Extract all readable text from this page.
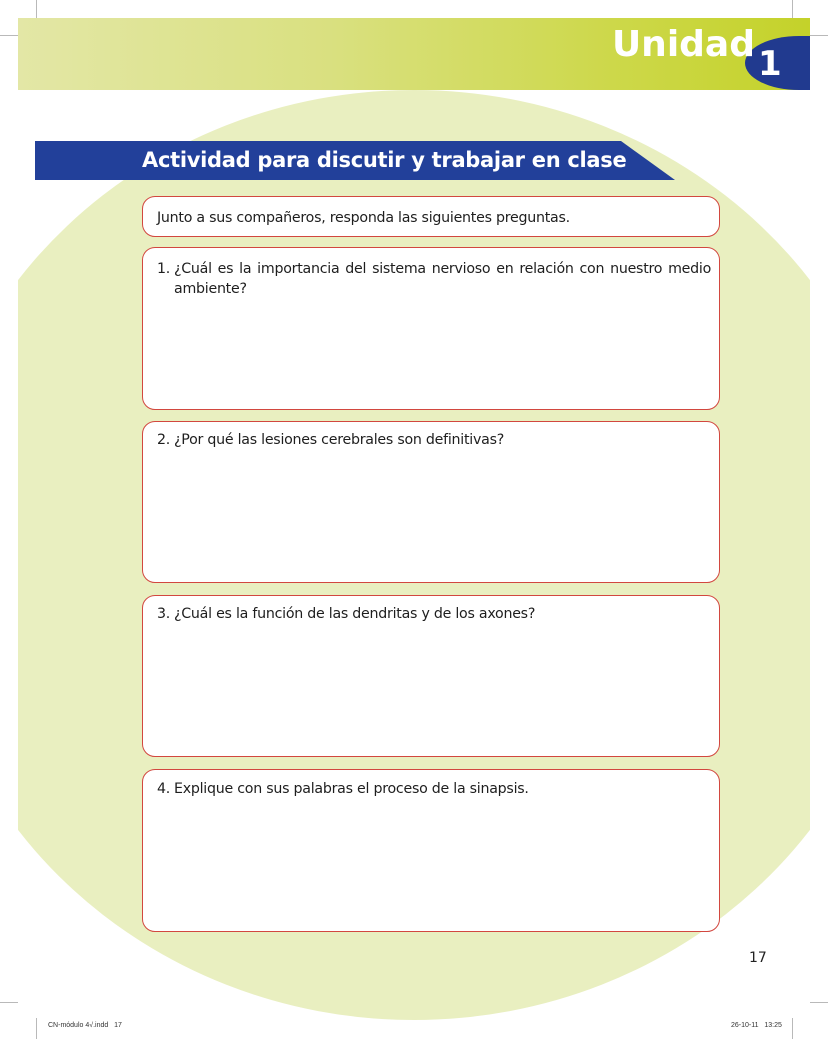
Unidad 1
Actividad para discutir y trabajar en clase
Junto a sus compañeros, responda las siguientes preguntas.
1. ¿Cuál es la importancia del sistema nervioso en relación con nuestro medio ambiente?
2. ¿Por qué las lesiones cerebrales son definitivas?
3. ¿Cuál es la función de las dendritas y de los axones?
4. Explique con sus palabras el proceso de la sinapsis.
17
CN-módulo 4√.indd   17	26-10-11   13:25
